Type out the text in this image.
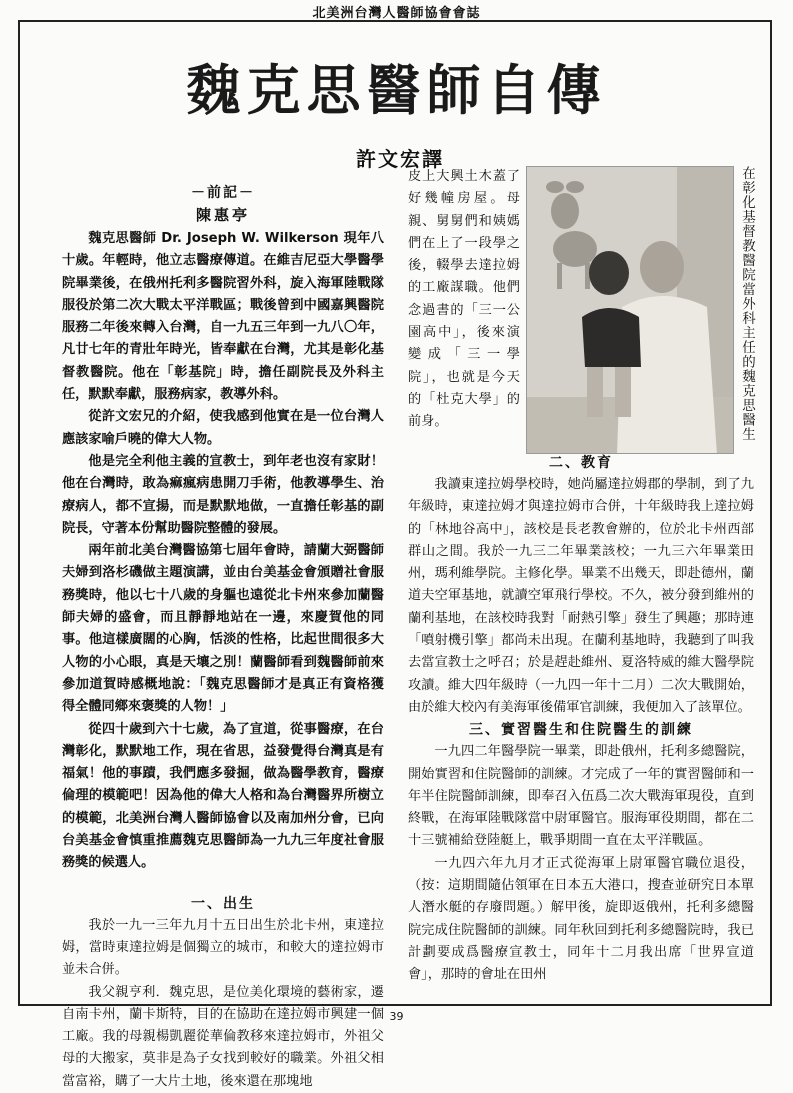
北美洲台灣人醫師協會會誌
魏克思醫師自傳
許文宏譯
－前記－
陳惠亭

魏克思醫師 Dr. Joseph W. Wilkerson 現年八十歲。年輕時，他立志醫療傳道。在維吉尼亞大學醫學院畢業後，在俄州托利多醫院習外科，旋入海軍陸戰隊服役於第二次大戰太平洋戰區；戰後曾到中國嘉興醫院服務二年後來轉入台灣，自一九五三年到一九八〇年，凡廿七年的青壯年時光，皆奉獻在台灣，尤其是彰化基督教醫院。他在「彰基院」時，擔任副院長及外科主任，默默奉獻，服務病家，教導外科。

從許文宏兄的介紹，使我感到他實在是一位台灣人應該家喻戶曉的偉大人物。

他是完全利他主義的宣教士，到年老也沒有家財！他在台灣時，敢為痲瘋病患開刀手術，他教導學生、治療病人，都不宣揚，而是默默地做，一直擔任彰基的副院長，守著本份幫助醫院整體的發展。

兩年前北美台灣醫協第七屆年會時，請蘭大弼醫師夫婦到洛杉磯做主題演講，並由台美基金會頒贈社會服務獎時，他以七十八歲的身軀也遠從北卡州來參加蘭醫師夫婦的盛會，而且靜靜地站在一邊，來慶賀他的同事。他這樣廣闊的心胸，恬淡的性格，比起世間很多大人物的小心眼，真是天壤之別！蘭醫師看到魏醫師前來參加道賀時感概地說：「魏克思醫師才是真正有資格獲得全體同鄉來褒獎的人物！」

從四十歲到六十七歲，為了宣道，從事醫療，在台灣彰化，默默地工作，現在省思，益發覺得台灣真是有福氣！他的事蹟，我們應多發掘，做為醫學教育，醫療倫理的模範吧！因為他的偉大人格和為台灣醫界所樹立的模範，北美洲台灣人醫師協會以及南加州分會，已向台美基金會慎重推薦魏克思醫師為一九九三年度社會服務獎的候選人。

一、出生

我於一九一三年九月十五日出生於北卡州，東達拉姆，當時東達拉姆是個獨立的城市，和較大的達拉姆市並未合併。

我父親亨利．魏克思，是位美化環境的藝術家，遷自南卡州，蘭卡斯特，目的在協助在達拉姆市興建一個工廠。我的母親楊凱麗從華倫教移來達拉姆市，外祖父母的大搬家，莫非是為子女找到較好的職業。外祖父相當富裕，購了一大片土地，後來還在那塊地

皮上大興土木蓋了好幾幢房屋。母親、舅舅們和姨媽們在上了一段學之後，輟學去達拉姆的工廠謀職。他們念過書的「三一公園高中」，後來演變成「三一學院」，也就是今天的「杜克大學」的前身。	在彰化基督教醫院當外科主任的魏克思醫生
二、教育

我讀東達拉姆學校時，她尚屬達拉姆郡的學制，到了九年級時，東達拉姆才與達拉姆市合併，十年級時我上達拉姆的「林地谷高中」，該校是長老教會辦的，位於北卡州西部群山之間。我於一九三二年畢業該校；一九三六年畢業田州，瑪利維學院。主修化學。畢業不出幾天，即赴德州，蘭道夫空軍基地，就讀空軍飛行學校。不久，被分發到維州的蘭利基地，在該校時我對「耐熱引擎」發生了興趣；那時連「噴射機引擎」都尚未出現。在蘭利基地時，我聽到了叫我去當宣教士之呼召；於是趕赴維州、夏洛特威的維大醫學院攻讀。維大四年級時（一九四一年十二月）二次大戰開始，由於維大校內有美海軍後備軍官訓練，我便加入了該單位。

三、實習醫生和住院醫生的訓練

一九四二年醫學院一畢業，即赴俄州，托利多總醫院，開始實習和住院醫師的訓練。才完成了一年的實習醫師和一年半住院醫師訓練，即奉召入伍爲二次大戰海軍現役，直到終戰，在海軍陸戰隊當中尉軍醫官。服海軍役期間，都在二十三號補給登陸艇上，戰爭期間一直在太平洋戰區。

一九四六年九月才正式從海軍上尉軍醫官職位退役，（按：這期間隨佔領軍在日本五大港口，搜查並研究日本單人潛水艇的存廢問題。）解甲後，旋即返俄州，托利多總醫院完成住院醫師的訓練。同年秋回到托利多總醫院時，我已計劃要成爲醫療宣教士，同年十二月我出席「世界宣道會」，那時的會址在田州

39
